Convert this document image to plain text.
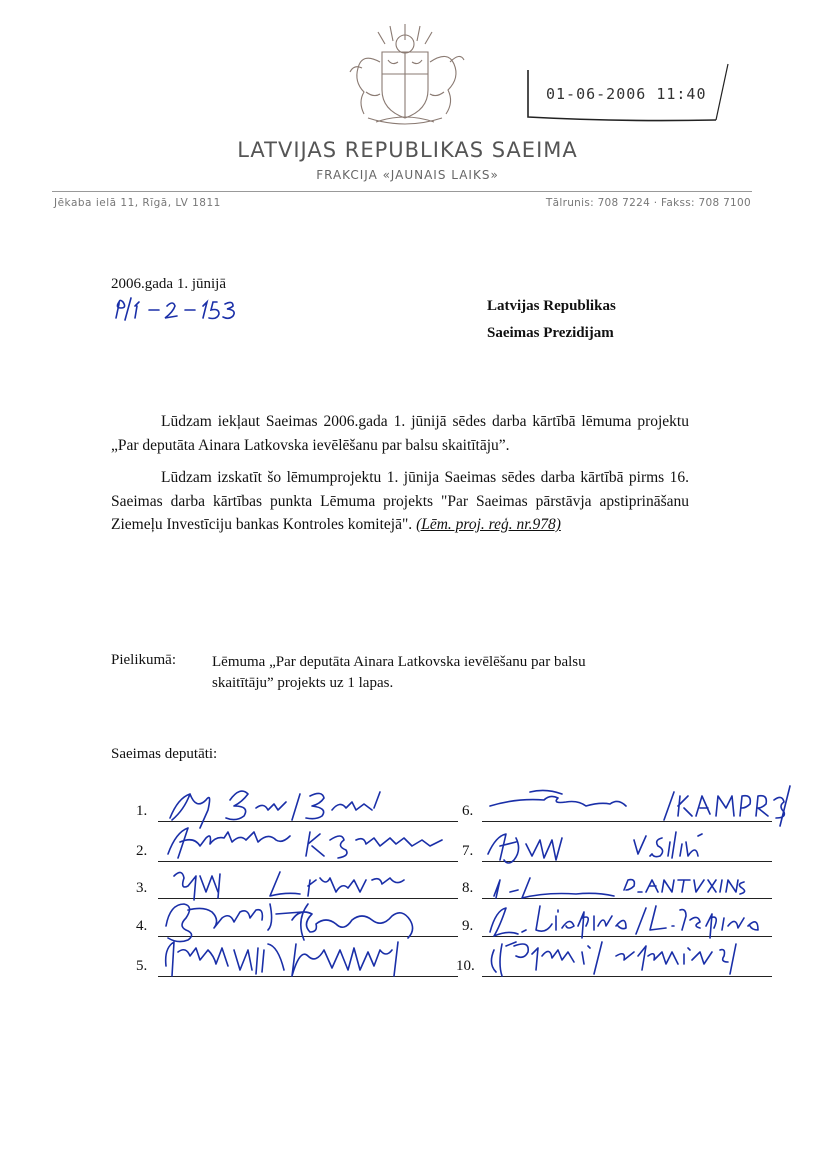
01-06-2006 11:40
LATVIJAS REPUBLIKAS SAEIMA
FRAKCIJA «JAUNAIS LAIKS»
Jēkaba ielā 11, Rīgā, LV 1811	Tālrunis: 708 7224 · Fakss: 708 7100
2006.gada 1. jūnijā
Latvijas Republikas
Saeimas Prezidijam
Lūdzam iekļaut Saeimas 2006.gada 1. jūnijā sēdes darba kārtībā lēmuma projektu „Par deputāta Ainara Latkovska ievēlēšanu par balsu skaitītāju”.
Lūdzam izskatīt šo lēmumprojektu 1. jūnija Saeimas sēdes darba kārtībā pirms 16. Saeimas darba kārtības punkta Lēmuma projekts "Par Saeimas pārstāvja apstiprināšanu Ziemeļu Investīciju bankas Kontroles komitejā". (Lēm. proj. reģ. nr.978)
Pielikumā: Lēmuma „Par deputāta Ainara Latkovska ievēlēšanu par balsu skaitītāju” projekts uz 1 lapas.
Saeimas deputāti:
1.
2.
3.
4.
5.
6.
7.
8.
9.
10.
